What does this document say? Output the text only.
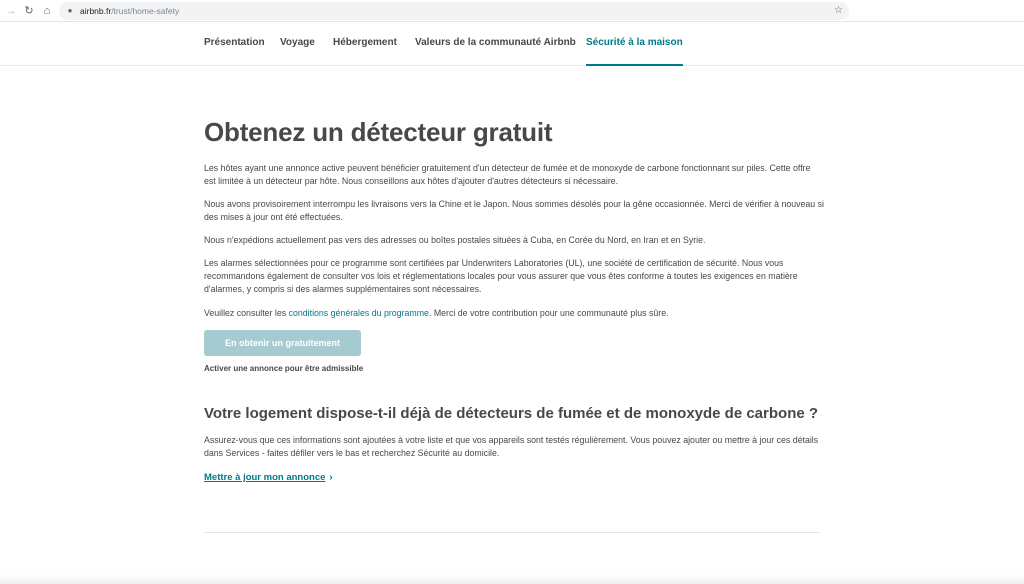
→ ↻ ⌂	● airbnb.fr/trust/home-safety	☆
Présentation Voyage Hébergement Valeurs de la communauté Airbnb Sécurité à la maison
Obtenez un détecteur gratuit

Les hôtes ayant une annonce active peuvent bénéficier gratuitement d'un détecteur de fumée et de monoxyde de carbone fonctionnant sur piles. Cette offre est limitée à un détecteur par hôte. Nous conseillons aux hôtes d'ajouter d'autres détecteurs si nécessaire.

Nous avons provisoirement interrompu les livraisons vers la Chine et le Japon. Nous sommes désolés pour la gêne occasionnée. Merci de vérifier à nouveau si des mises à jour ont été effectuées.

Nous n'expédions actuellement pas vers des adresses ou boîtes postales situées à Cuba, en Corée du Nord, en Iran et en Syrie.

Les alarmes sélectionnées pour ce programme sont certifiées par Underwriters Laboratories (UL), une société de certification de sécurité. Nous vous recommandons également de consulter vos lois et réglementations locales pour vous assurer que vous êtes conforme à toutes les exigences en matière d'alarmes, y compris si des alarmes supplémentaires sont nécessaires.

Veuillez consulter les conditions générales du programme. Merci de votre contribution pour une communauté plus sûre.

En obtenir un gratuitement

Activer une annonce pour être admissible

Votre logement dispose-t-il déjà de détecteurs de fumée et de monoxyde de carbone ?

Assurez-vous que ces informations sont ajoutées à votre liste et que vos appareils sont testés régulièrement. Vous pouvez ajouter ou mettre à jour ces détails dans Services - faites défiler vers le bas et recherchez Sécurité au domicile.

Mettre à jour mon annonce ›
